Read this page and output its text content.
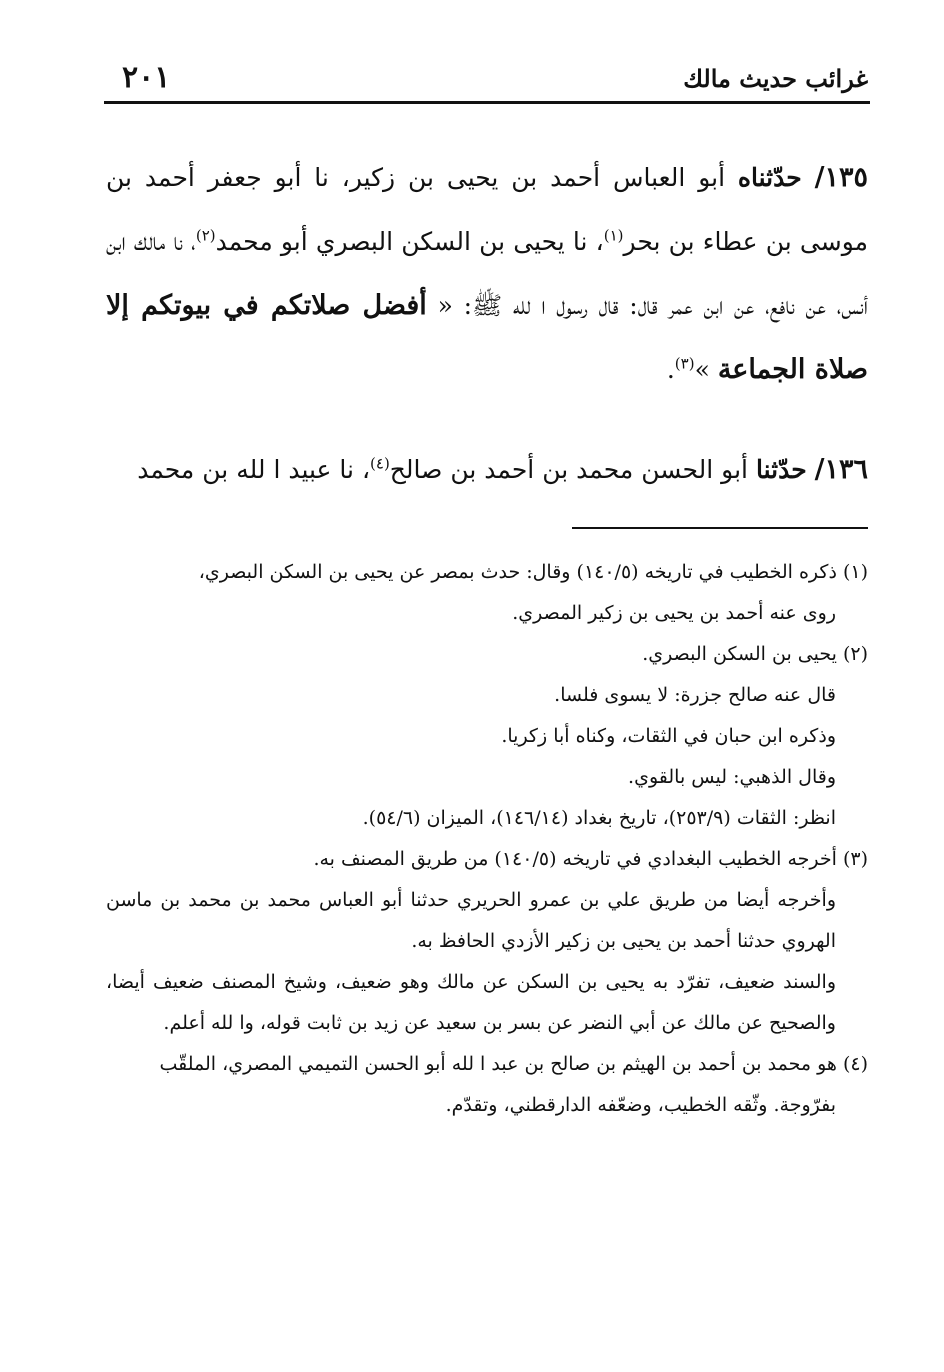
غرائب حديث مالك
٢٠١

١٣٥/ حدّثناه أبو العباس أحمد بن يحيى بن زكير، نا أبو جعفر أحمد بن موسى بن عطاء بن بحر$^{(١)}$، نا يحيى بن السكن البصري أبو محمد$^{(٢)}$، نا مالك ابن أنس، عن نافع، عن ابن عمر قال: قال رسول ا لله ﷺ: « أفضل صلاتكم في بيوتكم إلا صلاة الجماعة »$^{(٣)}$.

١٣٦/ حدّثنا أبو الحسن محمد بن أحمد بن صالح$^{(٤)}$، نا عبيد ا لله بن محمد

(١) ذكره الخطيب في تاريخه (١٤٠/٥) وقال: حدث بمصر عن يحيى بن السكن البصري،

روى عنه أحمد بن يحيى بن زكير المصري.

(٢) يحيى بن السكن البصري.

قال عنه صالح جزرة: لا يسوى فلسا.

وذكره ابن حبان في الثقات، وكناه أبا زكريا.

وقال الذهبي: ليس بالقوي.

انظر: الثقات (٢٥٣/٩)، تاريخ بغداد (١٤٦/١٤)، الميزان (٥٤/٦).

(٣) أخرجه الخطيب البغدادي في تاريخه (١٤٠/٥) من طريق المصنف به.

وأخرجه أيضا من طريق علي بن عمرو الحريري حدثنا أبو العباس محمد بن محمد بن ماسن الهروي حدثنا أحمد بن يحيى بن زكير الأزدي الحافظ به.

والسند ضعيف، تفرّد به يحيى بن السكن عن مالك وهو ضعيف، وشيخ المصنف ضعيف أيضا، والصحيح عن مالك عن أبي النضر عن بسر بن سعيد عن زيد بن ثابت قوله، وا لله أعلم.

(٤) هو محمد بن أحمد بن الهيثم بن صالح بن عبد ا لله أبو الحسن التميمي المصري، الملقّب

بفرّوجة. وثّقه الخطيب، وضعّفه الدارقطني، وتقدّم.
